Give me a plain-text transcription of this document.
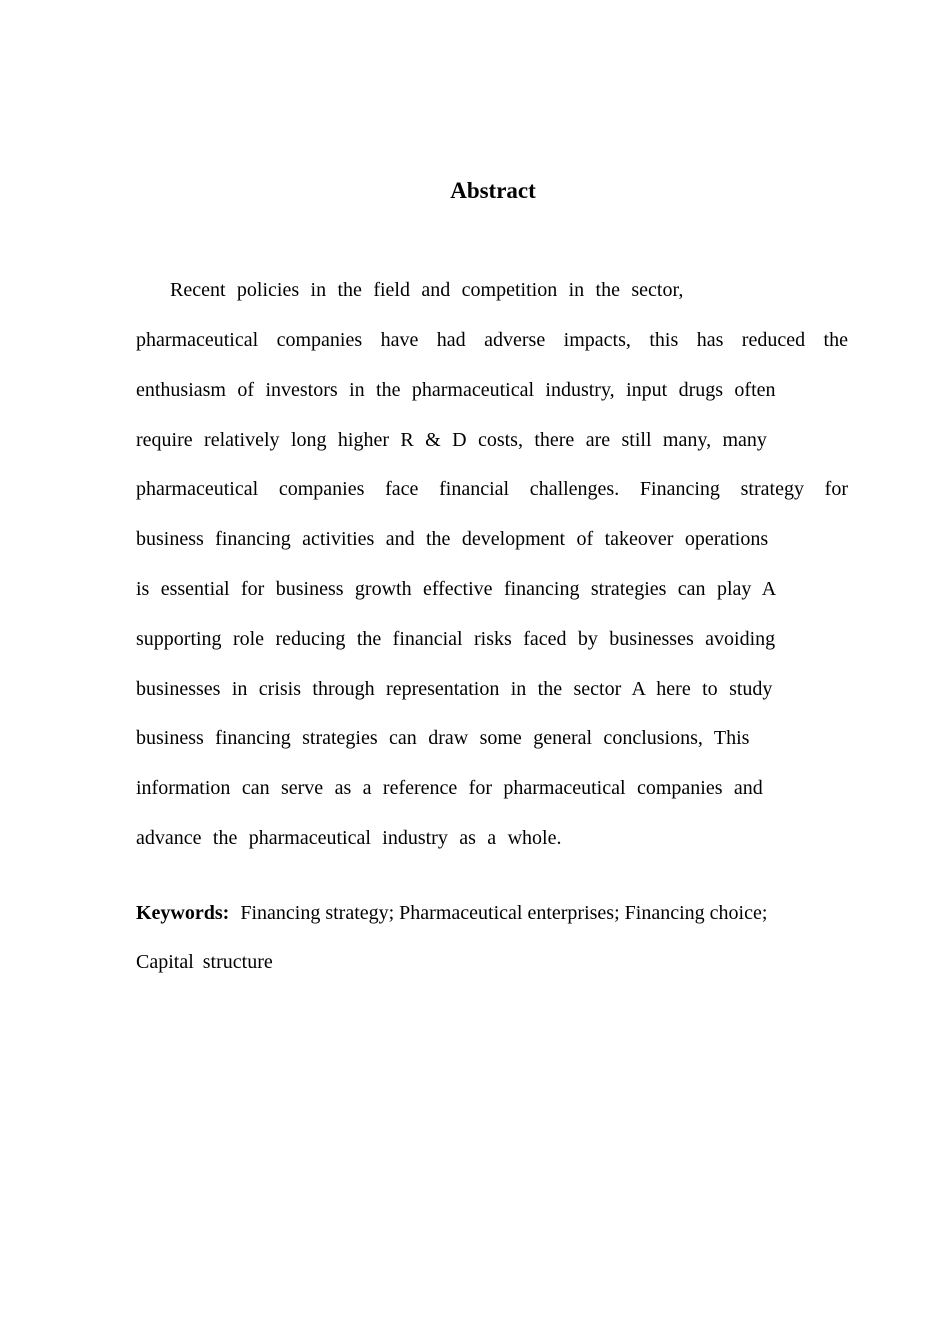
Abstract
Recent policies in the field and competition in the sector,
pharmaceutical companies have had adverse impacts, this has reduced the
enthusiasm of investors in the pharmaceutical industry, input drugs often
require relatively long higher R & D costs, there are still many, many
pharmaceutical companies face financial challenges. Financing strategy for
business financing activities and the development of takeover operations
is essential for business growth effective financing strategies can play A
supporting role reducing the financial risks faced by businesses avoiding
businesses in crisis through representation in the sector A here to study
business financing strategies can draw some general conclusions, This
information can serve as a reference for pharmaceutical companies and
advance the pharmaceutical industry as a whole.
Keywords: Financing strategy; Pharmaceutical enterprises; Financing choice;
Capital structure
